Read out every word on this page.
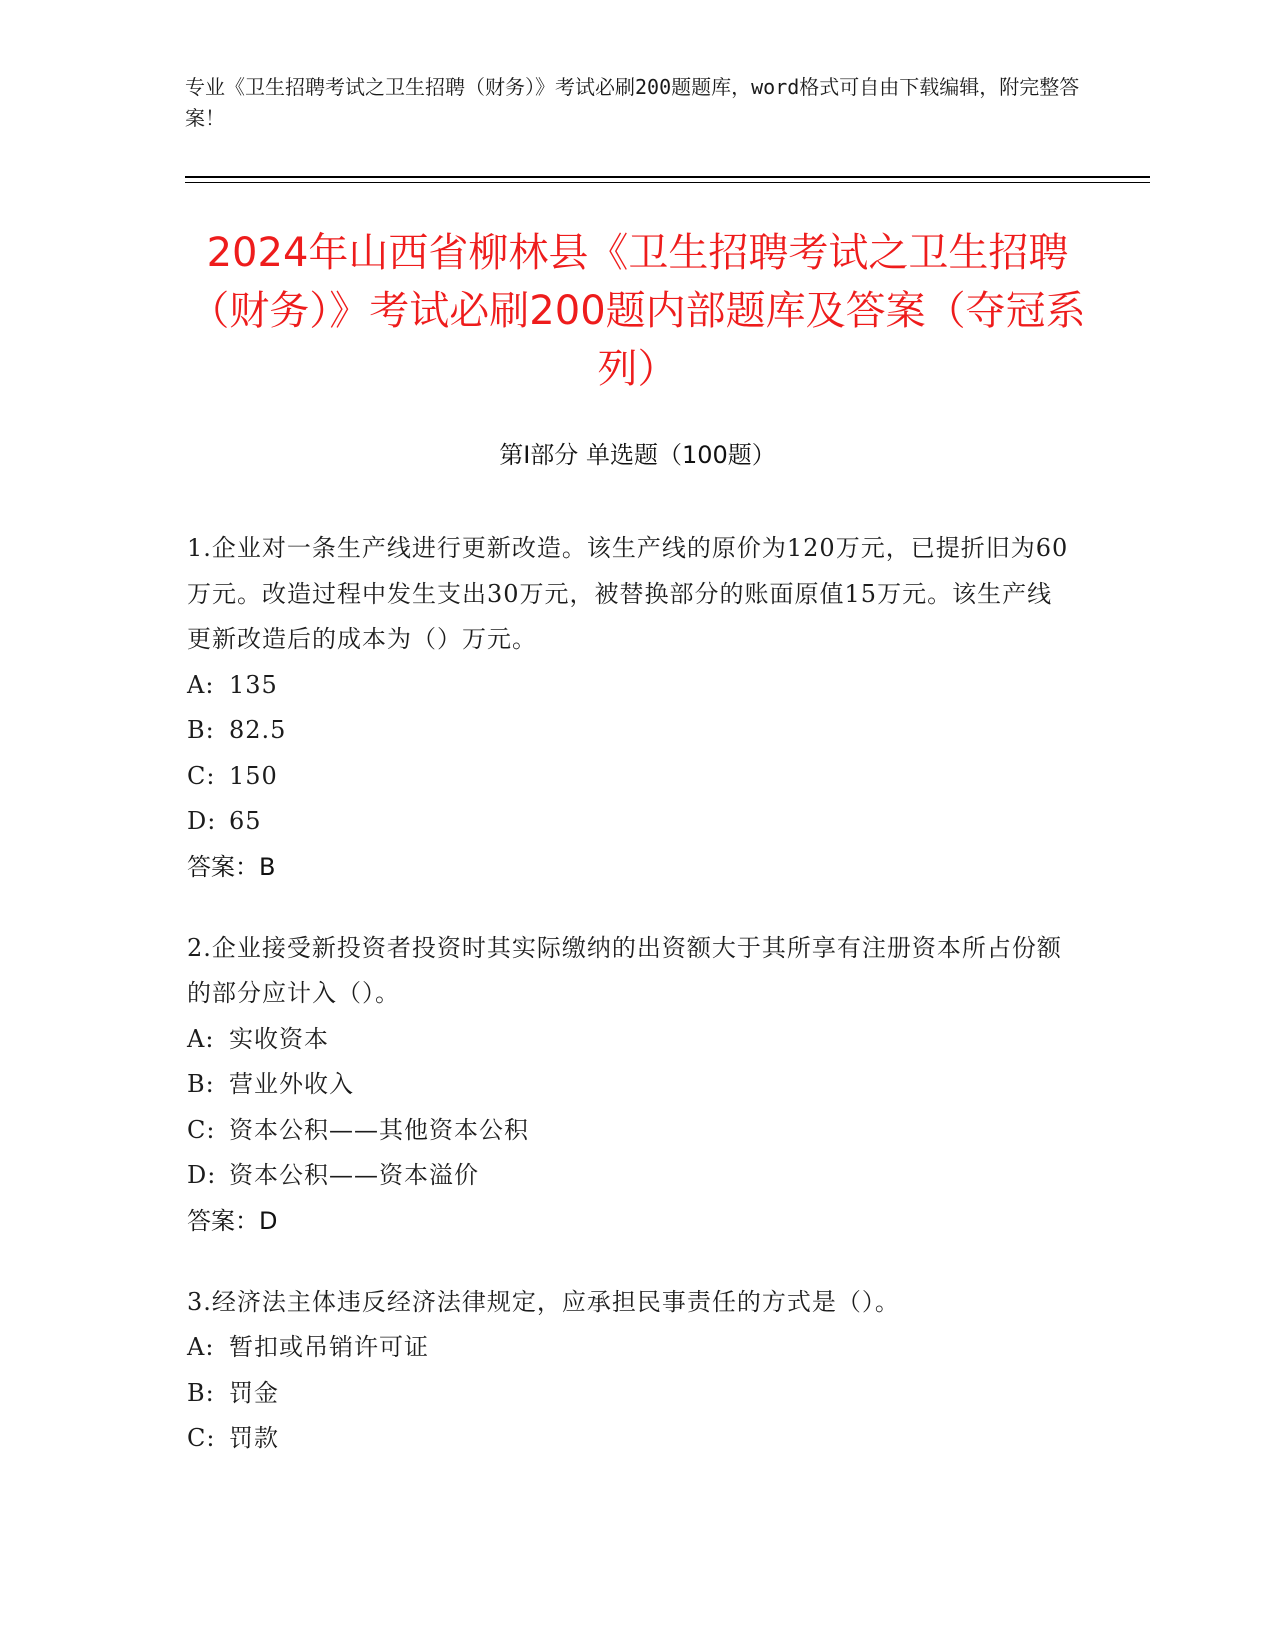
专业《卫生招聘考试之卫生招聘（财务）》考试必刷200题题库，word格式可自由下载编辑，附完整答案！
2024年山西省柳林县《卫生招聘考试之卫生招聘（财务）》考试必刷200题内部题库及答案（夺冠系列）
第Ⅰ部分 单选题（100题）
1.企业对一条生产线进行更新改造。该生产线的原价为120万元，已提折旧为60万元。改造过程中发生支出30万元，被替换部分的账面原值15万元。该生产线更新改造后的成本为（）万元。
A: 135
B: 82.5
C: 150
D: 65
答案：B
2.企业接受新投资者投资时其实际缴纳的出资额大于其所享有注册资本所占份额的部分应计入（）。
A: 实收资本
B: 营业外收入
C: 资本公积——其他资本公积
D: 资本公积——资本溢价
答案：D
3.经济法主体违反经济法律规定，应承担民事责任的方式是（）。
A: 暂扣或吊销许可证
B: 罚金
C: 罚款
